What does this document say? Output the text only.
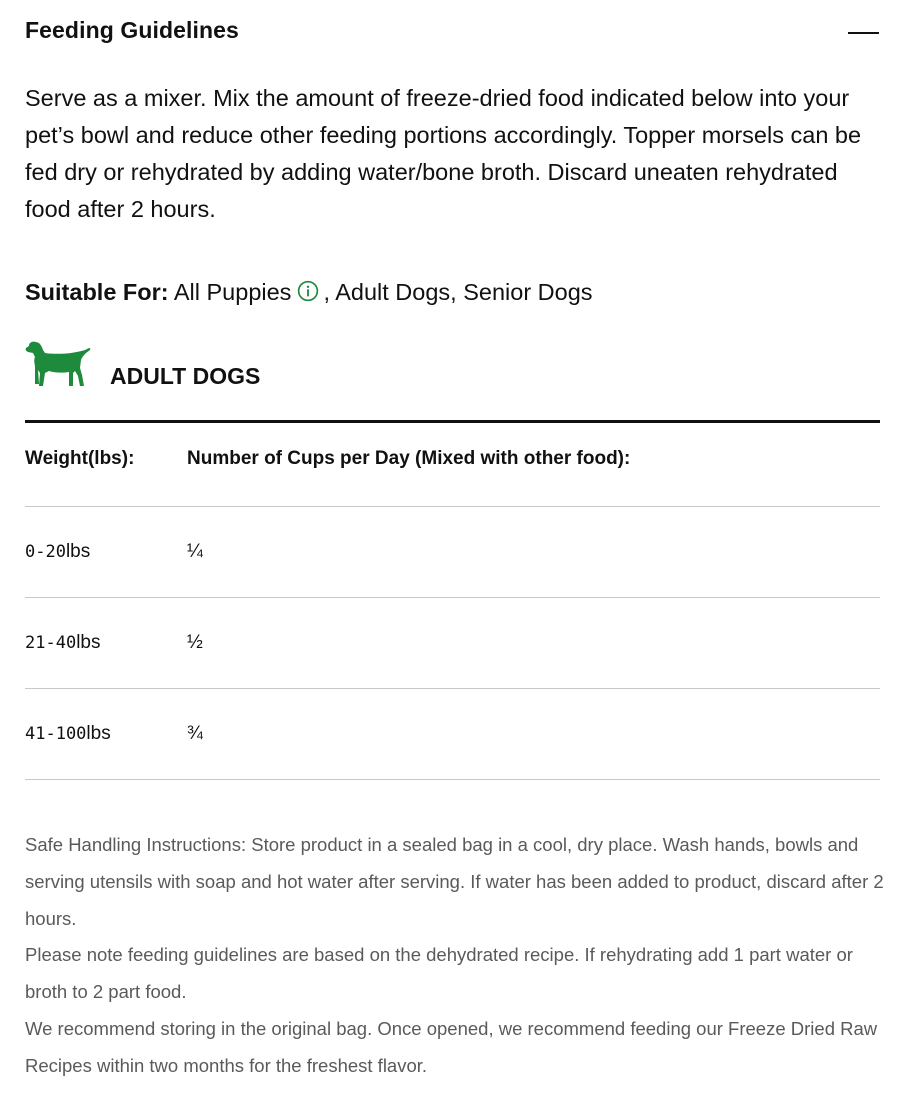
Feeding Guidelines

Serve as a mixer. Mix the amount of freeze-dried food indicated below into your pet’s bowl and reduce other feeding portions accordingly. Topper morsels can be fed dry or rehydrated by adding water/bone broth. Discard uneaten rehydrated food after 2 hours.

Suitable For: All Puppies , Adult Dogs, Senior Dogs
ADULT DOGS
Weight(lbs):	Number of Cups per Day (Mixed with other food):
0-20 lbs	¼
21-40 lbs	½
41-100 lbs	¾

Safe Handling Instructions: Store product in a sealed bag in a cool, dry place. Wash hands, bowls and serving utensils with soap and hot water after serving. If water has been added to product, discard after 2 hours.

Please note feeding guidelines are based on the dehydrated recipe. If rehydrating add 1 part water or broth to 2 part food.

We recommend storing in the original bag. Once opened, we recommend feeding our Freeze Dried Raw Recipes within two months for the freshest flavor.
